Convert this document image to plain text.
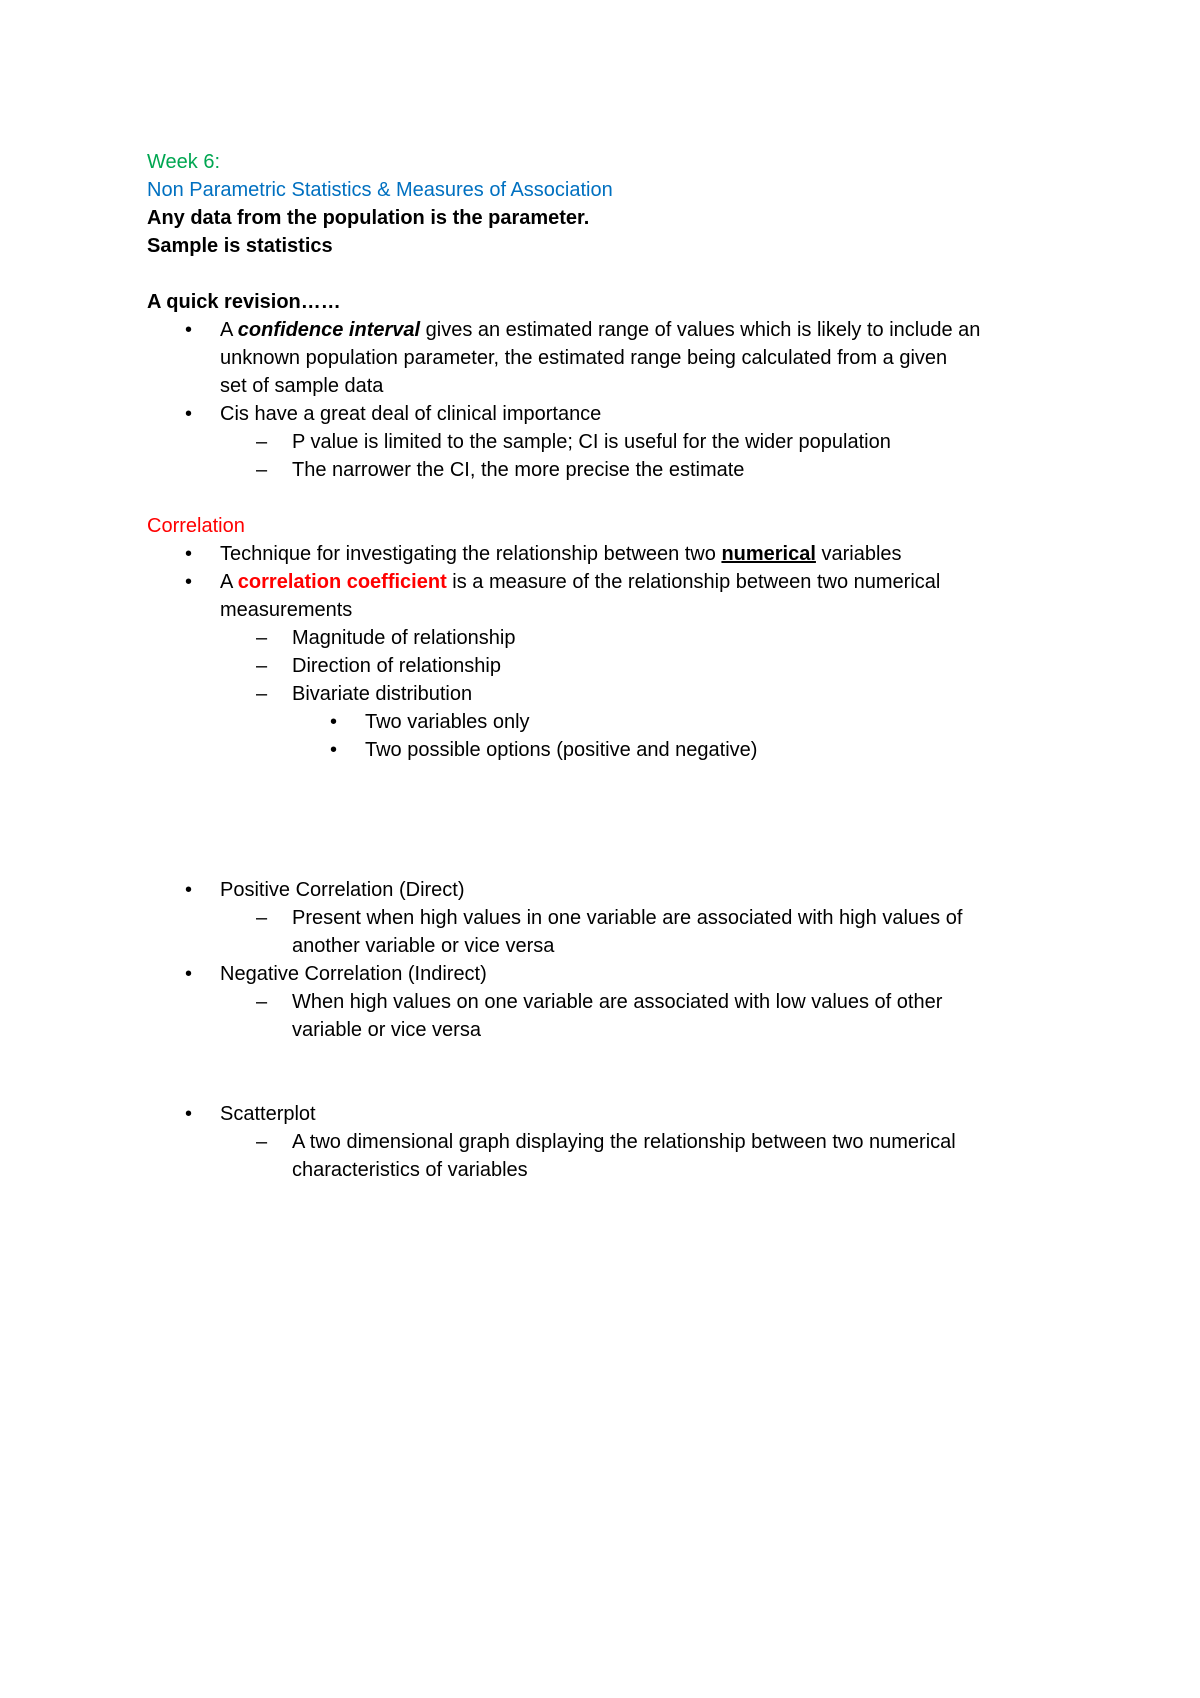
Week 6:
Non Parametric Statistics & Measures of Association
Any data from the population is the parameter.
Sample is statistics
A quick revision……
• A confidence interval gives an estimated range of values which is likely to include an
unknown population parameter, the estimated range being calculated from a given
set of sample data
• Cis have a great deal of clinical importance
– P value is limited to the sample; CI is useful for the wider population
– The narrower the CI, the more precise the estimate
Correlation
• Technique for investigating the relationship between two numerical variables
• A correlation coefficient is a measure of the relationship between two numerical
measurements
– Magnitude of relationship
– Direction of relationship
– Bivariate distribution
• Two variables only
• Two possible options (positive and negative)
• Positive Correlation (Direct)
– Present when high values in one variable are associated with high values of
another variable or vice versa
• Negative Correlation (Indirect)
– When high values on one variable are associated with low values of other
variable or vice versa
• Scatterplot
– A two dimensional graph displaying the relationship between two numerical
characteristics of variables
